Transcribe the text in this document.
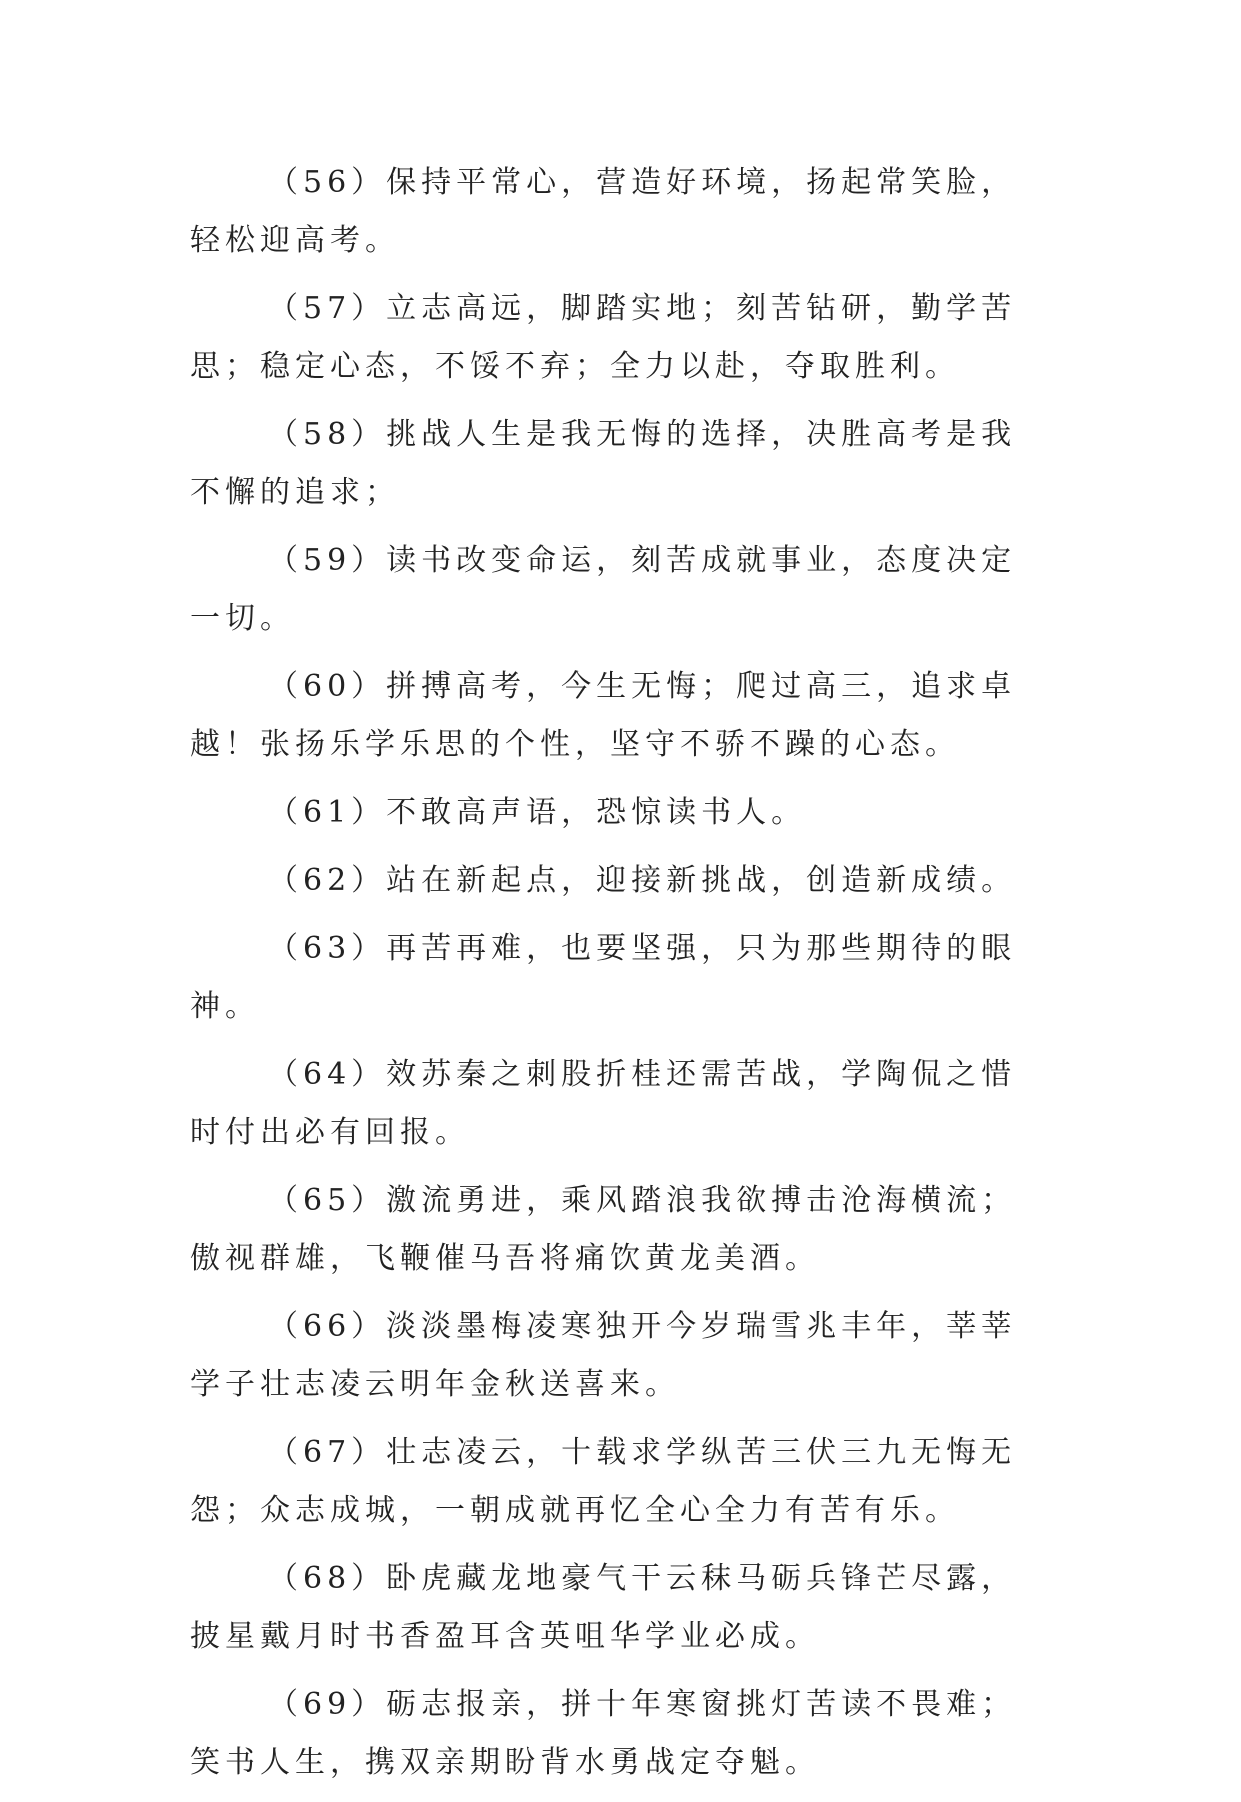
（56）保持平常心，营造好环境，扬起常笑脸，轻松迎高考。

（57）立志高远，脚踏实地；刻苦钻研，勤学苦思；稳定心态，不馁不弃；全力以赴，夺取胜利。

（58）挑战人生是我无悔的选择，决胜高考是我不懈的追求；

（59）读书改变命运，刻苦成就事业，态度决定一切。

（60）拼搏高考，今生无悔；爬过高三，追求卓越！张扬乐学乐思的个性，坚守不骄不躁的心态。

（61）不敢高声语，恐惊读书人。

（62）站在新起点，迎接新挑战，创造新成绩。

（63）再苦再难，也要坚强，只为那些期待的眼神。

（64）效苏秦之刺股折桂还需苦战，学陶侃之惜时付出必有回报。

（65）激流勇进，乘风踏浪我欲搏击沧海横流；傲视群雄，飞鞭催马吾将痛饮黄龙美酒。

（66）淡淡墨梅凌寒独开今岁瑞雪兆丰年，莘莘学子壮志凌云明年金秋送喜来。

（67）壮志凌云，十载求学纵苦三伏三九无悔无怨；众志成城，一朝成就再忆全心全力有苦有乐。

（68）卧虎藏龙地豪气干云秣马砺兵锋芒尽露，披星戴月时书香盈耳含英咀华学业必成。

（69）砺志报亲，拼十年寒窗挑灯苦读不畏难；笑书人生，携双亲期盼背水勇战定夺魁。
